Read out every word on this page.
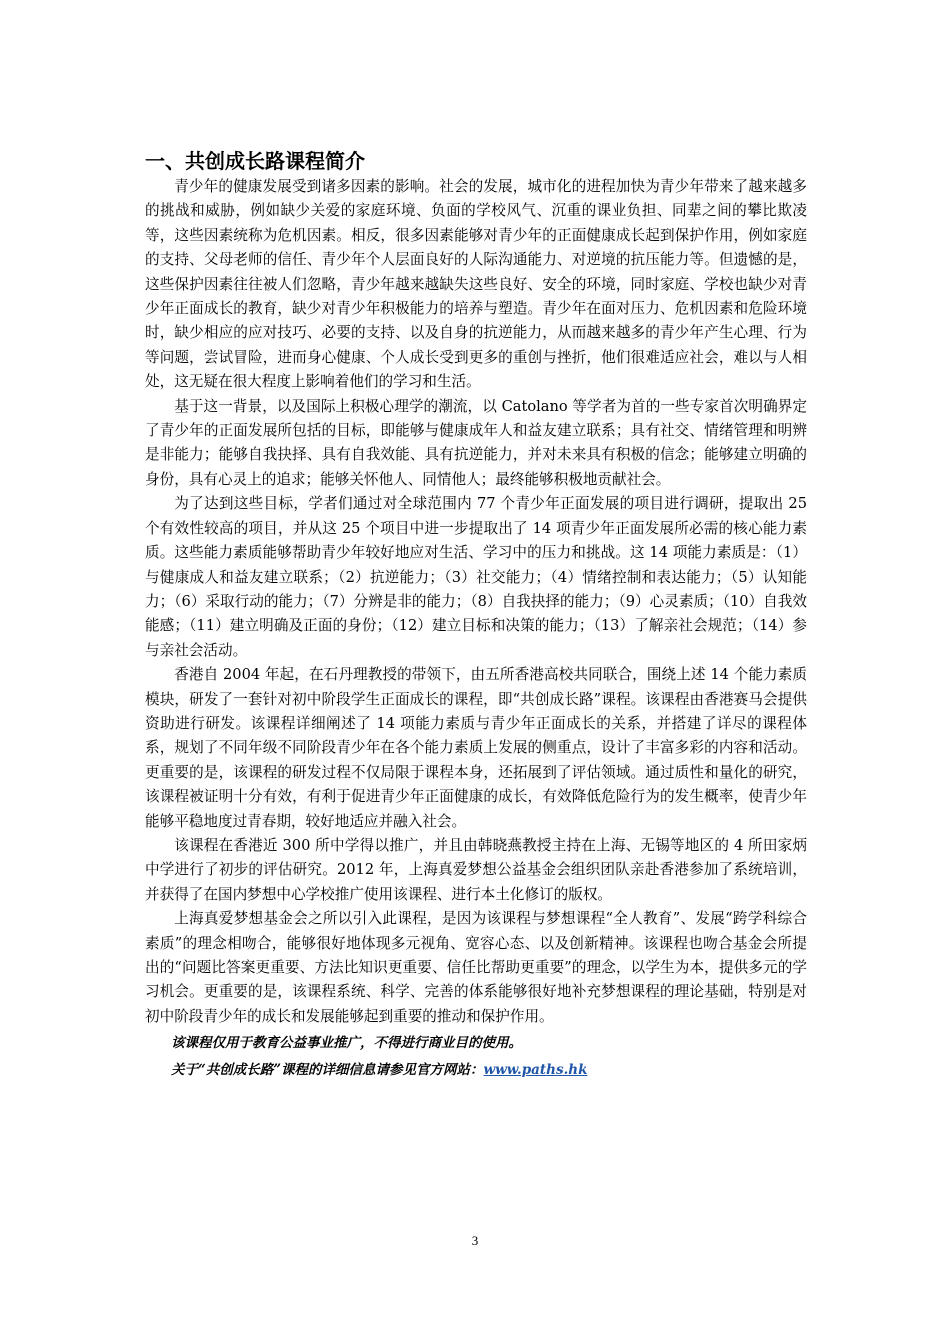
一、共创成长路课程简介

青少年的健康发展受到诸多因素的影响。社会的发展，城市化的进程加快为青少年带来了越来越多的挑战和威胁，例如缺少关爱的家庭环境、负面的学校风气、沉重的课业负担、同辈之间的攀比欺凌等，这些因素统称为危机因素。相反，很多因素能够对青少年的正面健康成长起到保护作用，例如家庭的支持、父母老师的信任、青少年个人层面良好的人际沟通能力、对逆境的抗压能力等。但遗憾的是，这些保护因素往往被人们忽略，青少年越来越缺失这些良好、安全的环境，同时家庭、学校也缺少对青少年正面成长的教育，缺少对青少年积极能力的培养与塑造。青少年在面对压力、危机因素和危险环境时，缺少相应的应对技巧、必要的支持、以及自身的抗逆能力，从而越来越多的青少年产生心理、行为等问题，尝试冒险，进而身心健康、个人成长受到更多的重创与挫折，他们很难适应社会，难以与人相处，这无疑在很大程度上影响着他们的学习和生活。

基于这一背景，以及国际上积极心理学的潮流，以 Catolano 等学者为首的一些专家首次明确界定了青少年的正面发展所包括的目标，即能够与健康成年人和益友建立联系；具有社交、情绪管理和明辨是非能力；能够自我抉择、具有自我效能、具有抗逆能力，并对未来具有积极的信念；能够建立明确的身份，具有心灵上的追求；能够关怀他人、同情他人；最终能够积极地贡献社会。

为了达到这些目标，学者们通过对全球范围内 77 个青少年正面发展的项目进行调研，提取出 25 个有效性较高的项目，并从这 25 个项目中进一步提取出了 14 项青少年正面发展所必需的核心能力素质。这些能力素质能够帮助青少年较好地应对生活、学习中的压力和挑战。这 14 项能力素质是：（1）与健康成人和益友建立联系；（2）抗逆能力；（3）社交能力；（4）情绪控制和表达能力；（5）认知能力；（6）采取行动的能力；（7）分辨是非的能力；（8）自我抉择的能力；（9）心灵素质；（10）自我效能感；（11）建立明确及正面的身份；（12）建立目标和决策的能力；（13）了解亲社会规范；（14）参与亲社会活动。

香港自 2004 年起，在石丹理教授的带领下，由五所香港高校共同联合，围绕上述 14 个能力素质模块，研发了一套针对初中阶段学生正面成长的课程，即“共创成长路”课程。该课程由香港赛马会提供资助进行研发。该课程详细阐述了 14 项能力素质与青少年正面成长的关系，并搭建了详尽的课程体系，规划了不同年级不同阶段青少年在各个能力素质上发展的侧重点，设计了丰富多彩的内容和活动。更重要的是，该课程的研发过程不仅局限于课程本身，还拓展到了评估领域。通过质性和量化的研究，该课程被证明十分有效，有利于促进青少年正面健康的成长，有效降低危险行为的发生概率，使青少年能够平稳地度过青春期，较好地适应并融入社会。

该课程在香港近 300 所中学得以推广，并且由韩晓燕教授主持在上海、无锡等地区的 4 所田家炳中学进行了初步的评估研究。2012 年，上海真爱梦想公益基金会组织团队亲赴香港参加了系统培训，并获得了在国内梦想中心学校推广使用该课程、进行本土化修订的版权。

上海真爱梦想基金会之所以引入此课程，是因为该课程与梦想课程“全人教育”、发展“跨学科综合素质”的理念相吻合，能够很好地体现多元视角、宽容心态、以及创新精神。该课程也吻合基金会所提出的“问题比答案更重要、方法比知识更重要、信任比帮助更重要”的理念，以学生为本，提供多元的学习机会。更重要的是，该课程系统、科学、完善的体系能够很好地补充梦想课程的理论基础，特别是对初中阶段青少年的成长和发展能够起到重要的推动和保护作用。

该课程仅用于教育公益事业推广，不得进行商业目的使用。

关于“共创成长路”课程的详细信息请参见官方网站：www.paths.hk

3
